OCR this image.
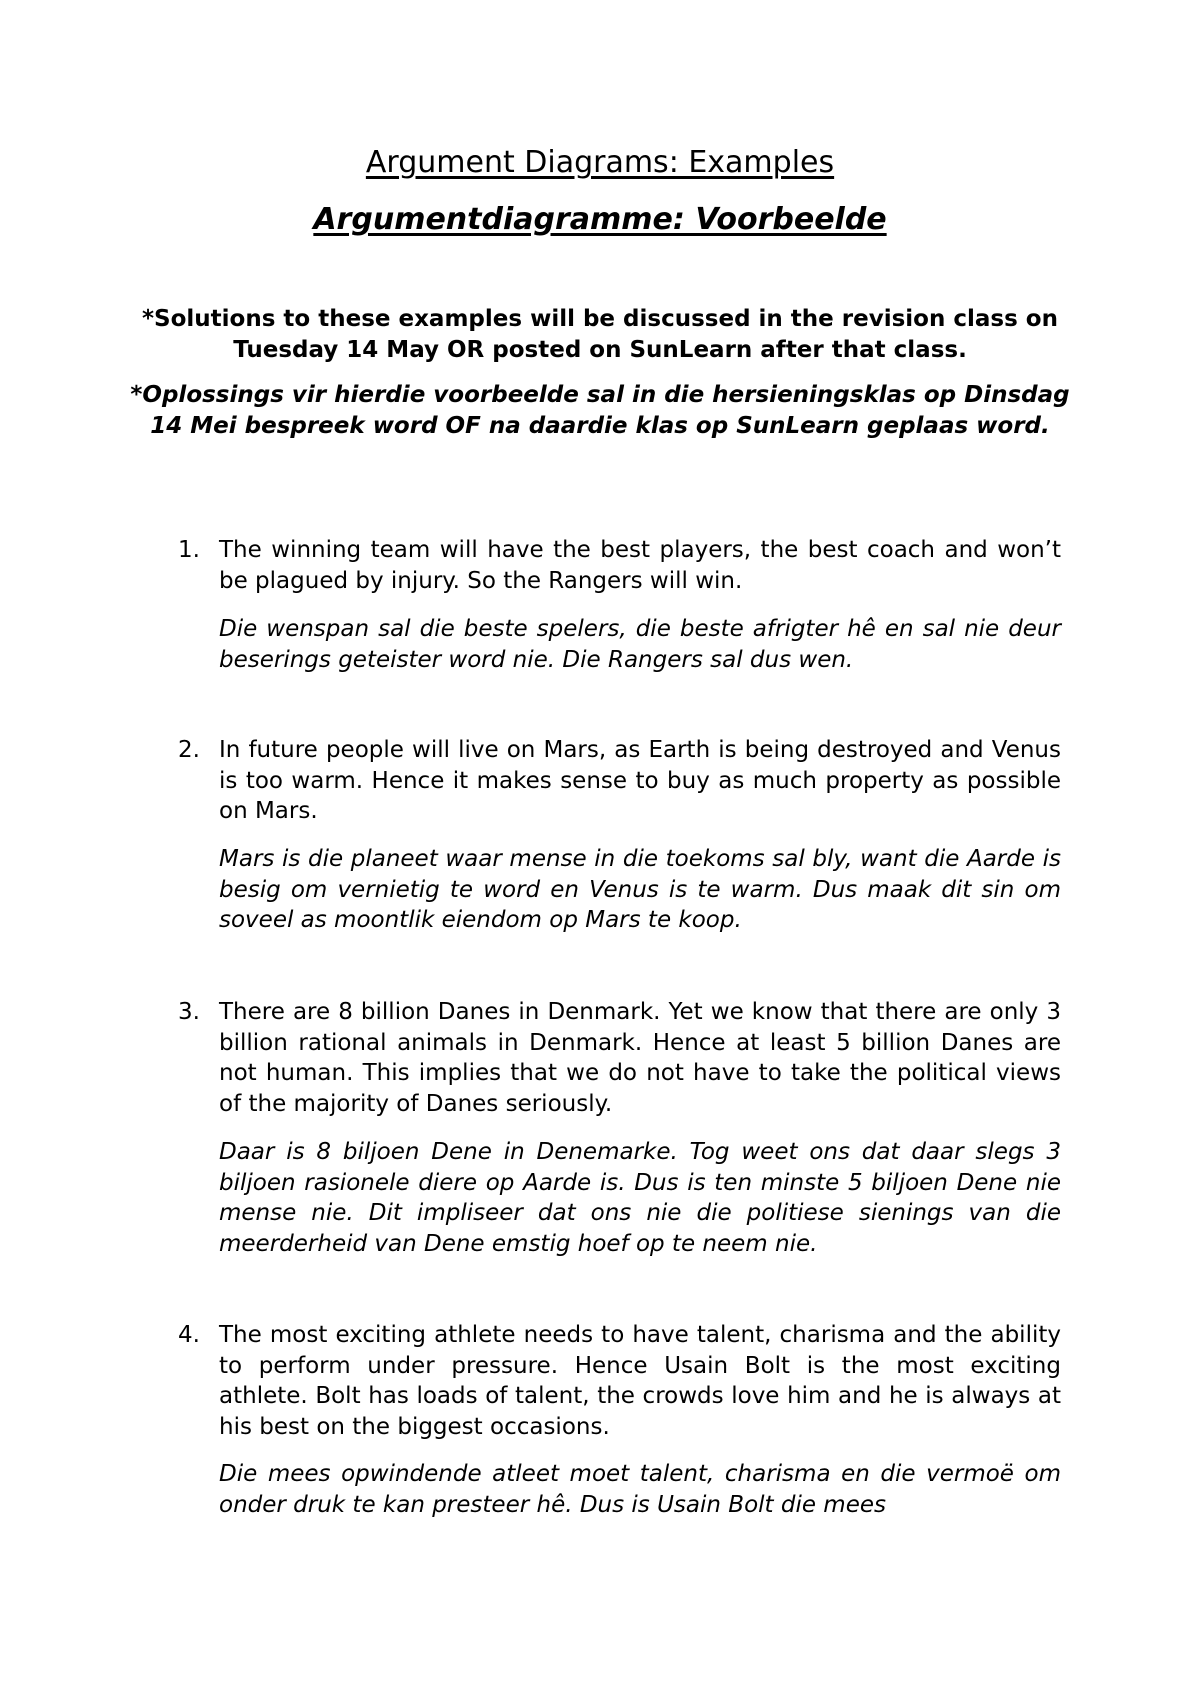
Argument Diagrams: Examples
Argumentdiagramme: Voorbeelde

*Solutions to these examples will be discussed in the revision class on Tuesday 14 May OR posted on SunLearn after that class.

*Oplossings vir hierdie voorbeelde sal in die hersieningsklas op Dinsdag 14 Mei bespreek word OF na daardie klas op SunLearn geplaas word.

1. The winning team will have the best players, the best coach and won’t be plagued by injury. So the Rangers will win.

Die wenspan sal die beste spelers, die beste afrigter hê en sal nie deur beserings geteister word nie. Die Rangers sal dus wen.

2. In future people will live on Mars, as Earth is being destroyed and Venus is too warm. Hence it makes sense to buy as much property as possible on Mars.

Mars is die planeet waar mense in die toekoms sal bly, want die Aarde is besig om vernietig te word en Venus is te warm. Dus maak dit sin om soveel as moontlik eiendom op Mars te koop.

3. There are 8 billion Danes in Denmark. Yet we know that there are only 3 billion rational animals in Denmark. Hence at least 5 billion Danes are not human. This implies that we do not have to take the political views of the majority of Danes seriously.

Daar is 8 biljoen Dene in Denemarke. Tog weet ons dat daar slegs 3 biljoen rasionele diere op Aarde is. Dus is ten minste 5 biljoen Dene nie mense nie. Dit impliseer dat ons nie die politiese sienings van die meerderheid van Dene emstig hoef op te neem nie.

4. The most exciting athlete needs to have talent, charisma and the ability to perform under pressure. Hence Usain Bolt is the most exciting athlete. Bolt has loads of talent, the crowds love him and he is always at his best on the biggest occasions.

Die mees opwindende atleet moet talent, charisma en die vermoë om onder druk te kan presteer hê. Dus is Usain Bolt die mees
